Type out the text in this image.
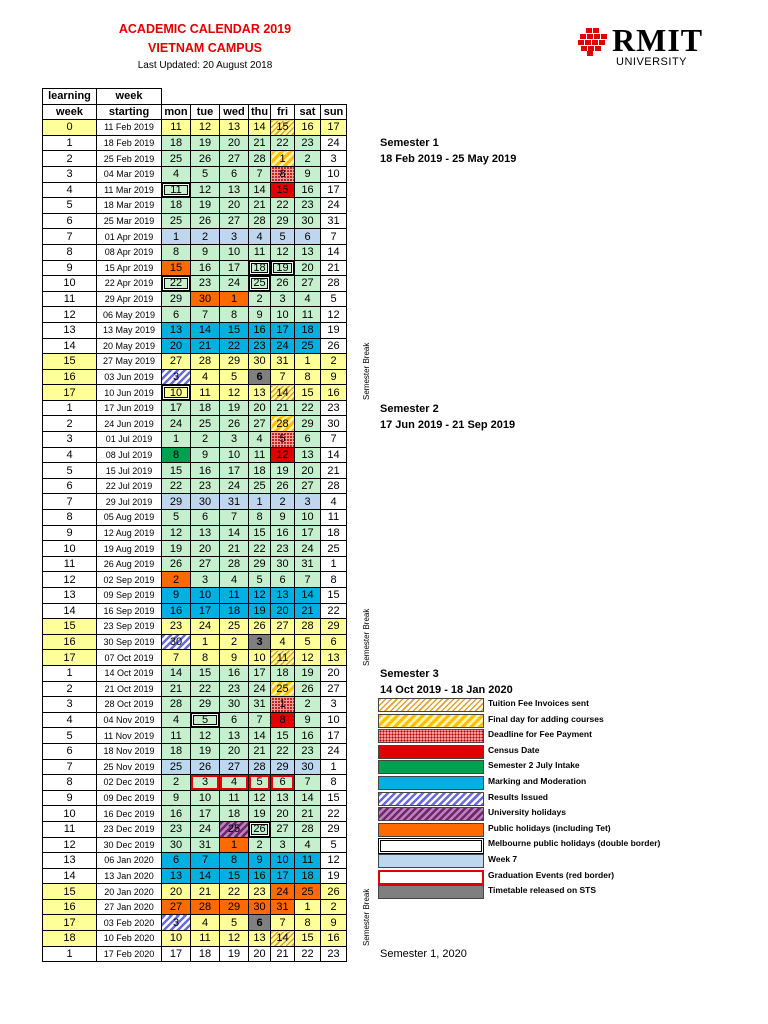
ACADEMIC CALENDAR 2019
VIETNAM CAMPUS
Last Updated: 20 August 2018
RMIT
UNIVERSITY
learning	week							
week	starting	mon	tue	wed	thu	fri	sat	sun
0	11 Feb 2019	11	12	13	14	15	16	17
1	18 Feb 2019	18	19	20	21	22	23	24
2	25 Feb 2019	25	26	27	28	1	2	3
3	04 Mar 2019	4	5	6	7	8	9	10
4	11 Mar 2019	11	12	13	14	15	16	17
5	18 Mar 2019	18	19	20	21	22	23	24
6	25 Mar 2019	25	26	27	28	29	30	31
7	01 Apr 2019	1	2	3	4	5	6	7
8	08 Apr 2019	8	9	10	11	12	13	14
9	15 Apr 2019	15	16	17	18	19	20	21
10	22 Apr 2019	22	23	24	25	26	27	28
11	29 Apr 2019	29	30	1	2	3	4	5
12	06 May 2019	6	7	8	9	10	11	12
13	13 May 2019	13	14	15	16	17	18	19
14	20 May 2019	20	21	22	23	24	25	26
15	27 May 2019	27	28	29	30	31	1	2
16	03 Jun 2019	3	4	5	6	7	8	9
17	10 Jun 2019	10	11	12	13	14	15	16
1	17 Jun 2019	17	18	19	20	21	22	23
2	24 Jun 2019	24	25	26	27	28	29	30
3	01 Jul 2019	1	2	3	4	5	6	7
4	08 Jul 2019	8	9	10	11	12	13	14
5	15 Jul 2019	15	16	17	18	19	20	21
6	22 Jul 2019	22	23	24	25	26	27	28
7	29 Jul 2019	29	30	31	1	2	3	4
8	05 Aug 2019	5	6	7	8	9	10	11
9	12 Aug 2019	12	13	14	15	16	17	18
10	19 Aug 2019	19	20	21	22	23	24	25
11	26 Aug 2019	26	27	28	29	30	31	1
12	02 Sep 2019	2	3	4	5	6	7	8
13	09 Sep 2019	9	10	11	12	13	14	15
14	16 Sep 2019	16	17	18	19	20	21	22
15	23 Sep 2019	23	24	25	26	27	28	29
16	30 Sep 2019	30	1	2	3	4	5	6
17	07 Oct 2019	7	8	9	10	11	12	13
1	14 Oct 2019	14	15	16	17	18	19	20
2	21 Oct 2019	21	22	23	24	25	26	27
3	28 Oct 2019	28	29	30	31	1	2	3
4	04 Nov 2019	4	5	6	7	8	9	10
5	11 Nov 2019	11	12	13	14	15	16	17
6	18 Nov 2019	18	19	20	21	22	23	24
7	25 Nov 2019	25	26	27	28	29	30	1
8	02 Dec 2019	2	3	4	5	6	7	8
9	09 Dec 2019	9	10	11	12	13	14	15
10	16 Dec 2019	16	17	18	19	20	21	22
11	23 Dec 2019	23	24	25	26	27	28	29
12	30 Dec 2019	30	31	1	2	3	4	5
13	06 Jan 2020	6	7	8	9	10	11	12
14	13 Jan 2020	13	14	15	16	17	18	19
15	20 Jan 2020	20	21	22	23	24	25	26
16	27 Jan 2020	27	28	29	30	31	1	2
17	03 Feb 2020	3	4	5	6	7	8	9
18	10 Feb 2020	10	11	12	13	14	15	16
1	17 Feb 2020	17	18	19	20	21	22	23
Semester 1
18 Feb 2019 - 25 May 2019
Semester 2
17 Jun 2019 - 21 Sep 2019
Semester 3
14 Oct 2019 - 18 Jan 2020
Semester Break
Semester Break
Semester Break
Tuition Fee Invoices sent
Final day for adding courses
Deadline for Fee Payment
Census Date
Semester 2 July Intake
Marking and Moderation
Results Issued
University holidays
Public holidays (including Tet)
Melbourne public holidays (double border)
Week 7
Graduation Events (red border)
Timetable released on STS
Semester 1, 2020
